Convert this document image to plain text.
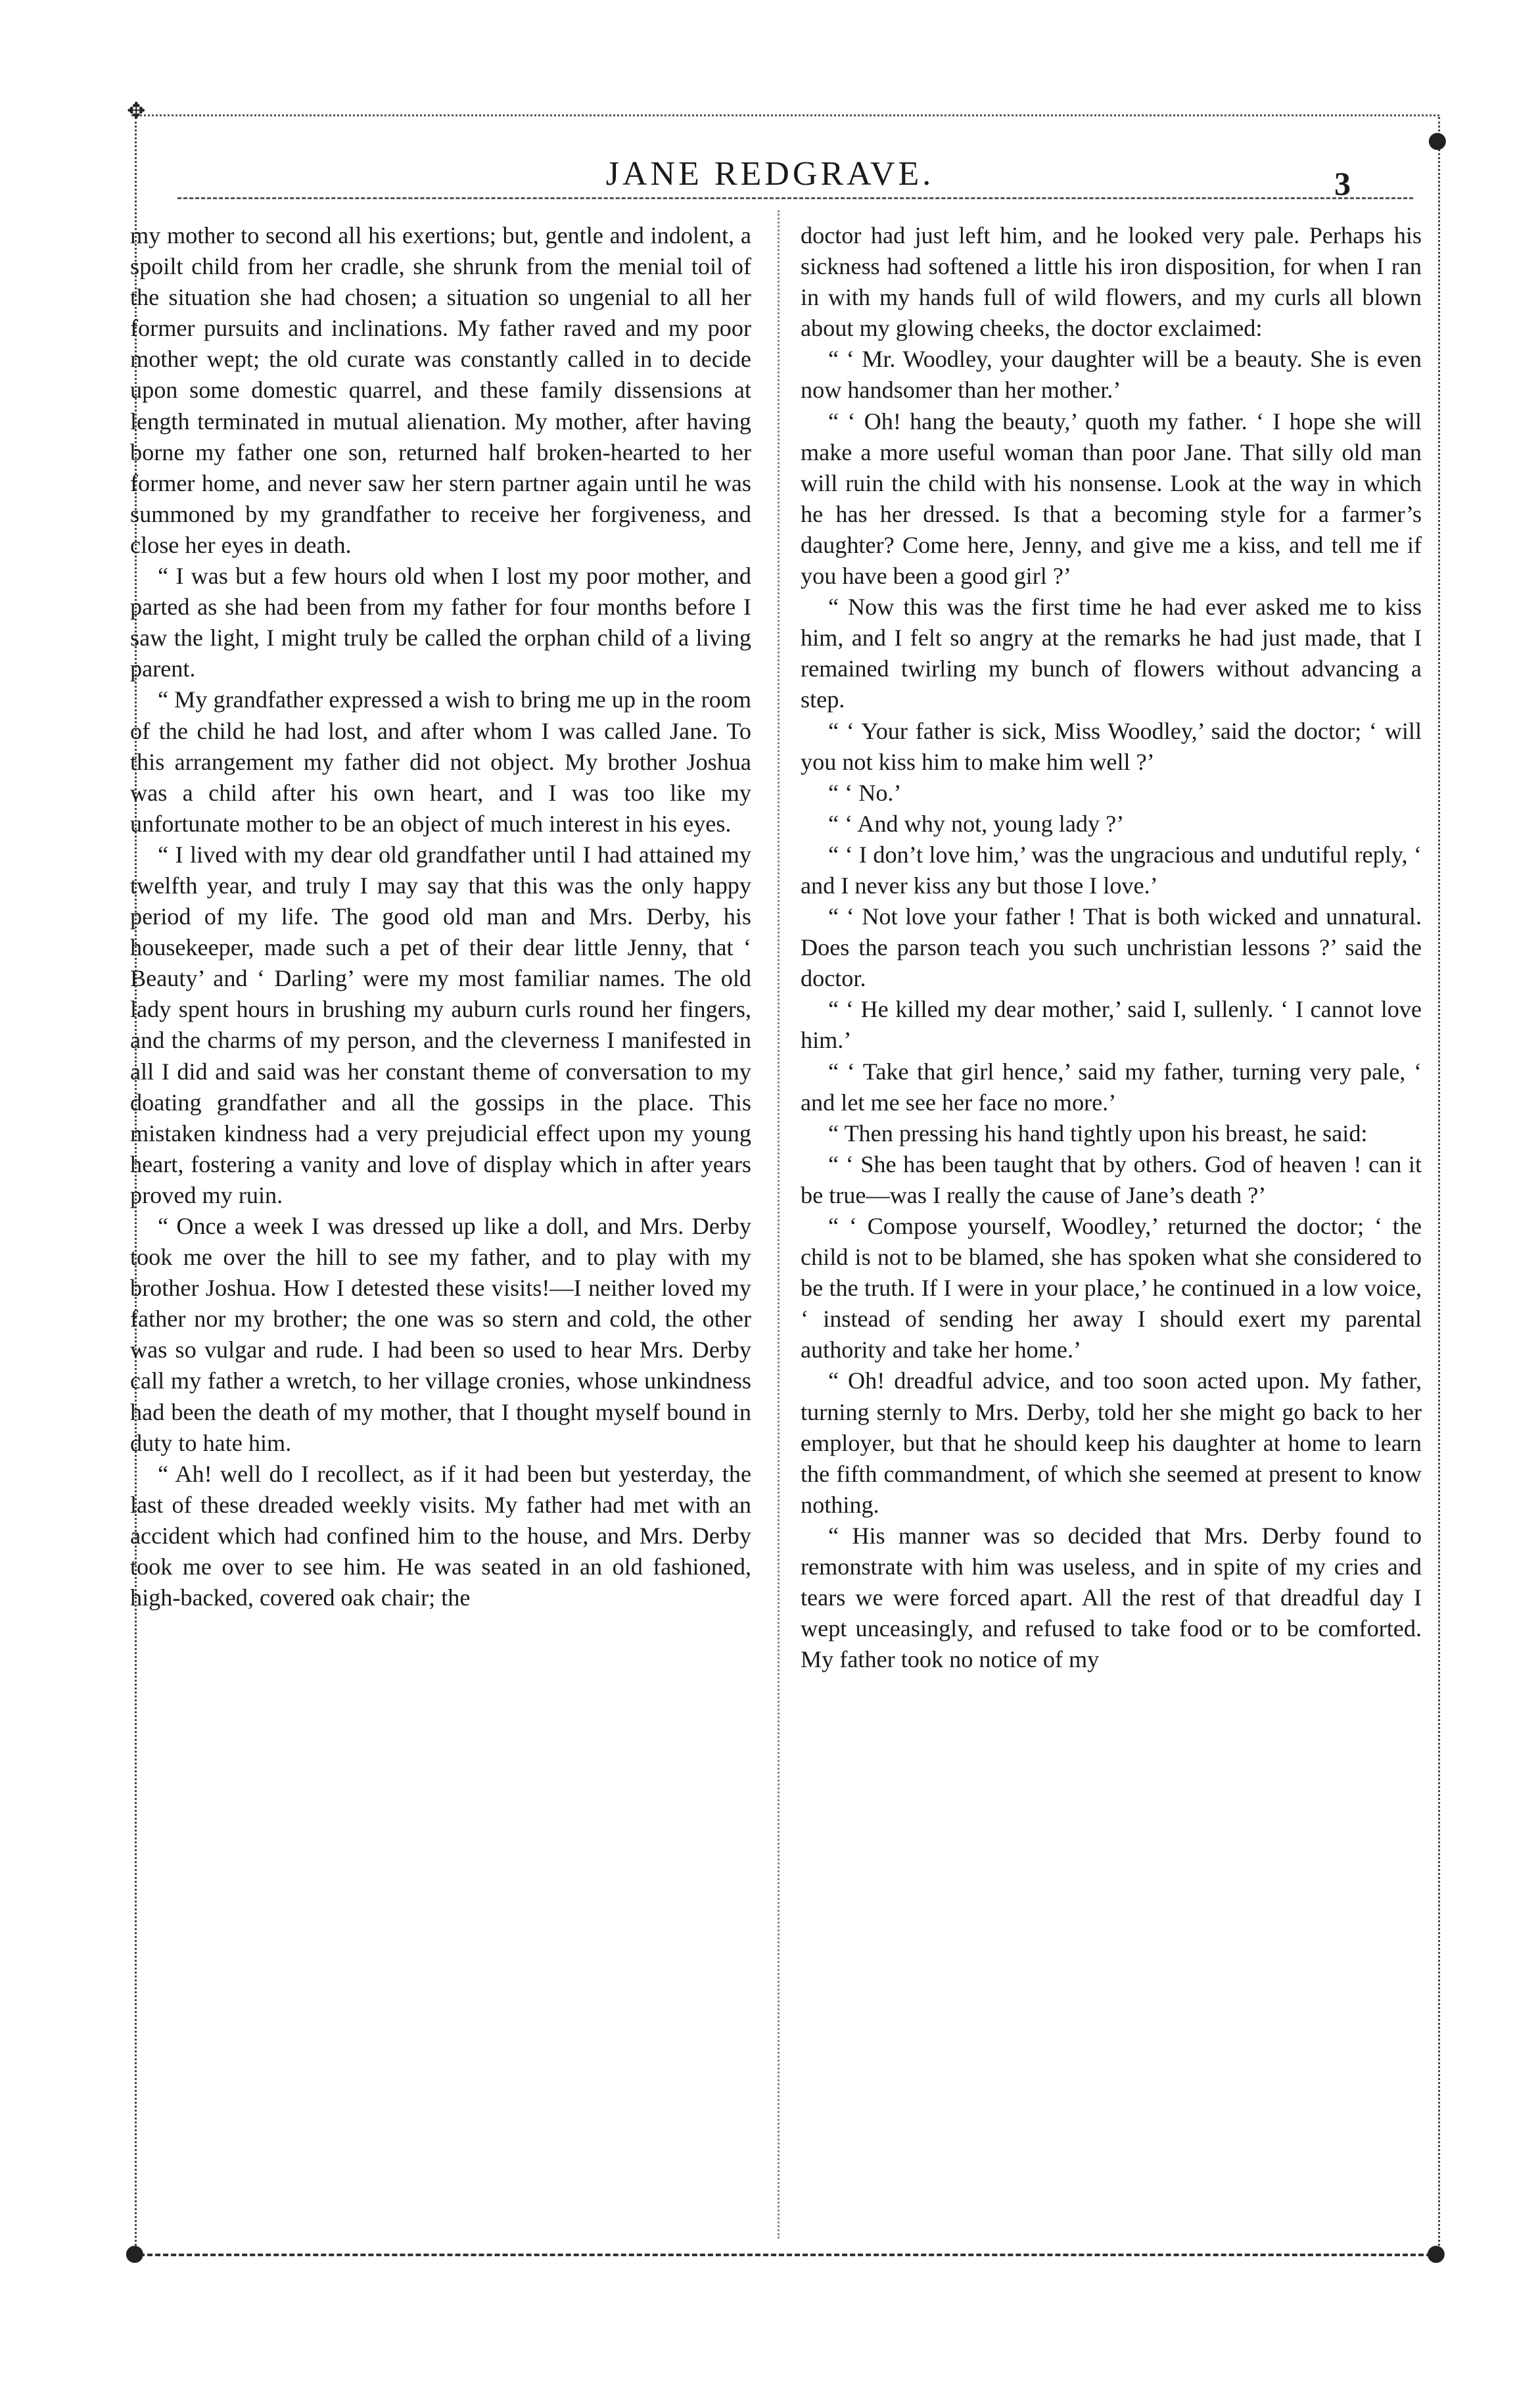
✥
●
●	●
JANE REDGRAVE.	3

my mother to second all his exertions; but, gentle and indolent, a spoilt child from her cradle, she shrunk from the menial toil of the situation she had chosen; a situation so ungenial to all her former pursuits and inclinations. My father raved and my poor mother wept; the old curate was constantly called in to decide upon some domestic quarrel, and these family dissensions at length terminated in mutual alienation. My mother, after having borne my father one son, returned half broken-hearted to her former home, and never saw her stern partner again until he was summoned by my grandfather to receive her forgiveness, and close her eyes in death.

“ I was but a few hours old when I lost my poor mother, and parted as she had been from my father for four months before I saw the light, I might truly be called the orphan child of a living parent.

“ My grandfather expressed a wish to bring me up in the room of the child he had lost, and after whom I was called Jane. To this arrangement my father did not object. My brother Joshua was a child after his own heart, and I was too like my unfortunate mother to be an object of much interest in his eyes.

“ I lived with my dear old grandfather until I had attained my twelfth year, and truly I may say that this was the only happy period of my life. The good old man and Mrs. Derby, his housekeeper, made such a pet of their dear little Jenny, that ‘ Beauty’ and ‘ Darling’ were my most familiar names. The old lady spent hours in brushing my auburn curls round her fingers, and the charms of my person, and the cleverness I manifested in all I did and said was her constant theme of conversation to my doating grandfather and all the gossips in the place. This mistaken kindness had a very prejudicial effect upon my young heart, fostering a vanity and love of display which in after years proved my ruin.

“ Once a week I was dressed up like a doll, and Mrs. Derby took me over the hill to see my father, and to play with my brother Joshua. How I detested these visits!—I neither loved my father nor my brother; the one was so stern and cold, the other was so vulgar and rude. I had been so used to hear Mrs. Derby call my father a wretch, to her village cronies, whose unkindness had been the death of my mother, that I thought myself bound in duty to hate him.

“ Ah! well do I recollect, as if it had been but yesterday, the last of these dreaded weekly visits. My father had met with an accident which had confined him to the house, and Mrs. Derby took me over to see him. He was seated in an old fashioned, high-backed, covered oak chair; the

doctor had just left him, and he looked very pale. Perhaps his sickness had softened a little his iron disposition, for when I ran in with my hands full of wild flowers, and my curls all blown about my glowing cheeks, the doctor exclaimed:

“ ‘ Mr. Woodley, your daughter will be a beauty. She is even now handsomer than her mother.’

“ ‘ Oh! hang the beauty,’ quoth my father. ‘ I hope she will make a more useful woman than poor Jane. That silly old man will ruin the child with his nonsense. Look at the way in which he has her dressed. Is that a becoming style for a farmer’s daughter? Come here, Jenny, and give me a kiss, and tell me if you have been a good girl ?’

“ Now this was the first time he had ever asked me to kiss him, and I felt so angry at the remarks he had just made, that I remained twirling my bunch of flowers without advancing a step.

“ ‘ Your father is sick, Miss Woodley,’ said the doctor; ‘ will you not kiss him to make him well ?’

“ ‘ No.’

“ ‘ And why not, young lady ?’

“ ‘ I don’t love him,’ was the ungracious and undutiful reply, ‘ and I never kiss any but those I love.’

“ ‘ Not love your father ! That is both wicked and unnatural. Does the parson teach you such unchristian lessons ?’ said the doctor.

“ ‘ He killed my dear mother,’ said I, sullenly. ‘ I cannot love him.’

“ ‘ Take that girl hence,’ said my father, turning very pale, ‘ and let me see her face no more.’

“ Then pressing his hand tightly upon his breast, he said:

“ ‘ She has been taught that by others. God of heaven ! can it be true—was I really the cause of Jane’s death ?’

“ ‘ Compose yourself, Woodley,’ returned the doctor; ‘ the child is not to be blamed, she has spoken what she considered to be the truth. If I were in your place,’ he continued in a low voice, ‘ instead of sending her away I should exert my parental authority and take her home.’

“ Oh! dreadful advice, and too soon acted upon. My father, turning sternly to Mrs. Derby, told her she might go back to her employer, but that he should keep his daughter at home to learn the fifth commandment, of which she seemed at present to know nothing.

“ His manner was so decided that Mrs. Derby found to remonstrate with him was useless, and in spite of my cries and tears we were forced apart. All the rest of that dreadful day I wept unceasingly, and refused to take food or to be comforted. My father took no notice of my
